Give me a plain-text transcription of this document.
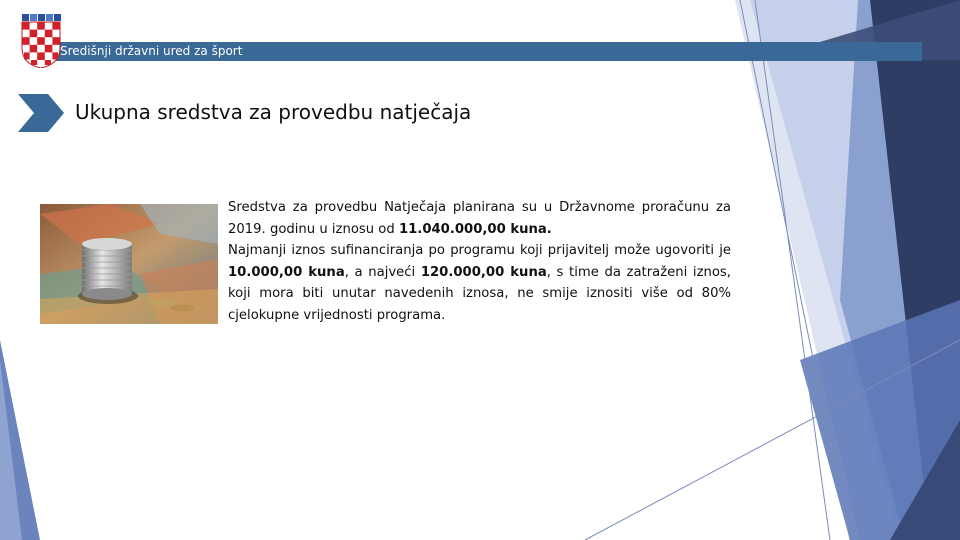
Središnji državni ured za šport
Ukupna sredstva za provedbu natječaja

Sredstva za provedbu Natječaja planirana su u Državnome proračunu za 2019. godinu u iznosu od 11.040.000,00 kuna.

Najmanji iznos sufinanciranja po programu koji prijavitelj može ugovoriti je 10.000,00 kuna, a najveći 120.000,00 kuna, s time da zatraženi iznos, koji mora biti unutar navedenih iznosa, ne smije iznositi više od 80% cjelokupne vrijednosti programa.
